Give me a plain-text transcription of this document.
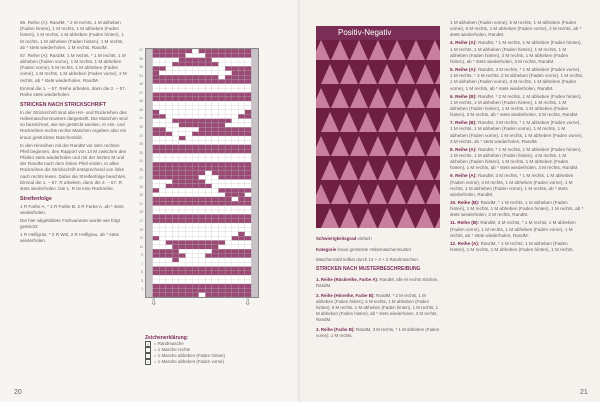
56. Reihe (A): RandM, * 2 M rechts, 1 M abheben (Faden hinten), 1 M rechts, 1 M abheben (Faden hinten), 1 M rechts, 1 M abheben (Faden hinten), 1 M rechts, 1 M abheben (Faden hinten), 1 M rechts, ab * stets wiederholen, 1 M rechts, RandM.

57. Reihe (A): RandM, 1 M rechts, * 1 M rechts, 1 M abheben (Faden vorne), 1 M rechts, 1 M abheben (Faden vorne), 5 M rechts, 1 M abheben (Faden vorne), 1 M rechts, 1 M abheben (Faden vorne), 2 M rechts, ab * stets wiederholen, RandM.

Einmal die 1. – 57. Reihe arbeiten, dann die 2. – 57. Reihe stets wiederholen.

STRICKEN NACH STRICKSCHRIFT

In der Strickschrift sind alle Hin- und Rückreihen des Hebemaschenmusters dargestellt. Die Maschen sind so bezeichnet, wie sie gestrickt werden. In Hin- und Rückreihen rechts rechte Maschen ergeben also ein kraus gestricktes Maschenbild.

In den Hinreihen mit der RandM vor dem rechten Pfeil beginnen, den Rapport von 14 M zwischen den Pfeilen stets wiederholen und mit der letzten M und der RandM nach dem linken Pfeil enden. In allen Rückreihen die Strickschrift entsprechend von links nach rechts lesen. Dabei die Streifenfolge beachten. Einmal die 1. – 57. R arbeiten, dann die 2. – 57. R stets wiederholen. Die 1. R ist eine Rückreihe.

Streifenfolge

1 R Farbe A, * 2 R Farbe B, 2 R Farbe A, ab * stets wiederholen.

Die hier abgebildete Farbvariante wurde wie folgt gestrickt:

1 R Helllgras, * 2 R Wol, 2 R Helllgrau, ab * stets wiederholen.

57
55
53
51
49
47
45
43
41
39
37
35
33
31
29
27
25
23
21
19
17
15
13
11
9
7
5
3
1
⇩	⇩
Zeichenerklärung:
o	= Randmasche
= 1 Masche rechts
-	= 1 Masche abheben (Faden hinten)
=	= 1 Masche abheben (Faden vorne)
20
Positiv-Negativ

Schwierigkeitsgrad einfach

Kategorie kraus gestrickte Hebemaschenmuster

Maschenzahl teilbar durch 14 + 3 + 2 Randmaschen.

STRICKEN NACH MUSTERBESCHREIBUNG

1. Reihe (Rückreihe, Farbe A): RandM, alle M rechts stricken, RandM.

2. Reihe (Hinreihe, Farbe B): RandM, * 2 M rechts, 1 M abheben (Faden hinten), 5 M rechts, 1 M abheben (Faden hinten), 5 M rechts, 1 M abheben (Faden hinten), 1 M rechts, 1 M abheben (Faden hinten), ab * stets wiederholen, 3 M rechts, RandM.

3. Reihe (Farbe B): RandM, 3 M rechts, * 1 M abheben (Faden vorne), 1 M rechts,

1 M abheben (Faden vorne), 5 M rechts, 1 M abheben (Faden vorne), 5 M rechts, 1 M abheben (Faden vorne), 2 M rechts, ab * stets wiederholen, RandM.

4. Reihe (A): RandM, * 1 M rechts, 1 M abheben (Faden hinten), 1 M rechts, 1 M abheben (Faden hinten), 1 M rechts, 1 M abheben (Faden hinten), 2 M rechts, 1 M abheben (Faden hinten), ab * stets wiederholen, 3 M rechts, RandM.

5. Reihe (A): RandM, 3 M rechts, * 1 M abheben (Faden vorne), 1 M rechts, * 3 M rechts, 2 M abheben (Faden vorne), 1 M rechts, 1 M abheben (Faden vorne), 3 M rechts, 1 M abheben (Faden vorne), 1 M rechts, ab * stets wiederholen, RandM.

6. Reihe (B): RandM, * 2 M rechts, 1 M abheben (Faden hinten), 1 M rechts, 1 M abheben (Faden hinten), 1 M rechts, 1 M abheben (Faden hinten), 1 M rechts, 1 M abheben (Faden hinten), 3 M rechts, ab * stets wiederholen, 3 M rechts, RandM.

7. Reihe (B): RandM, 3 M rechts, * 1 M abheben (Faden vorne), 1 M rechts, 1 M abheben (Faden vorne), 1 M rechts, 1 M abheben (Faden vorne), 1 M rechts, 1 M abheben (Faden vorne), 3 M rechts, ab * stets wiederholen, RandM.

8. Reihe (A): RandM, * 1 M rechts, 1 M abheben (Faden hinten), 1 M rechts, 1 M abheben (Faden hinten), 4 M rechts, 1 M abheben (Faden hinten), 1 M rechts, 1 M abheben (Faden hinten), 1 M rechts, ab * stets wiederholen, 3 M rechts, RandM.

9. Reihe (A): RandM, 3 M rechts, * 1 M rechts, 1 M abheben (Faden vorne), 4 M rechts, 1 M abheben (Faden vorne), 1 M rechts, 1 M abheben (Faden vorne), 1 M rechts, ab * stets wiederholen, RandM.

10. Reihe (B): RandM, * 1 M rechts, 1 M abheben (Faden hinten), 1 M rechts, 1 M abheben (Faden hinten), 1 M rechts, ab * stets wiederholen, 3 M rechts, RandM.

11. Reihe (B): RandM, 3 M rechts, * 1 M rechts, 1 M abheben (Faden vorne), 1 M rechts, 1 M abheben (Faden vorne), 1 M rechts, ab * stets wiederholen, RandM.

12. Reihe (A): RandM, * 1 M rechts, 1 M abheben (Faden hinten), 1 M rechts, 1 M abheben (Faden hinten), 1 M rechts,

21
